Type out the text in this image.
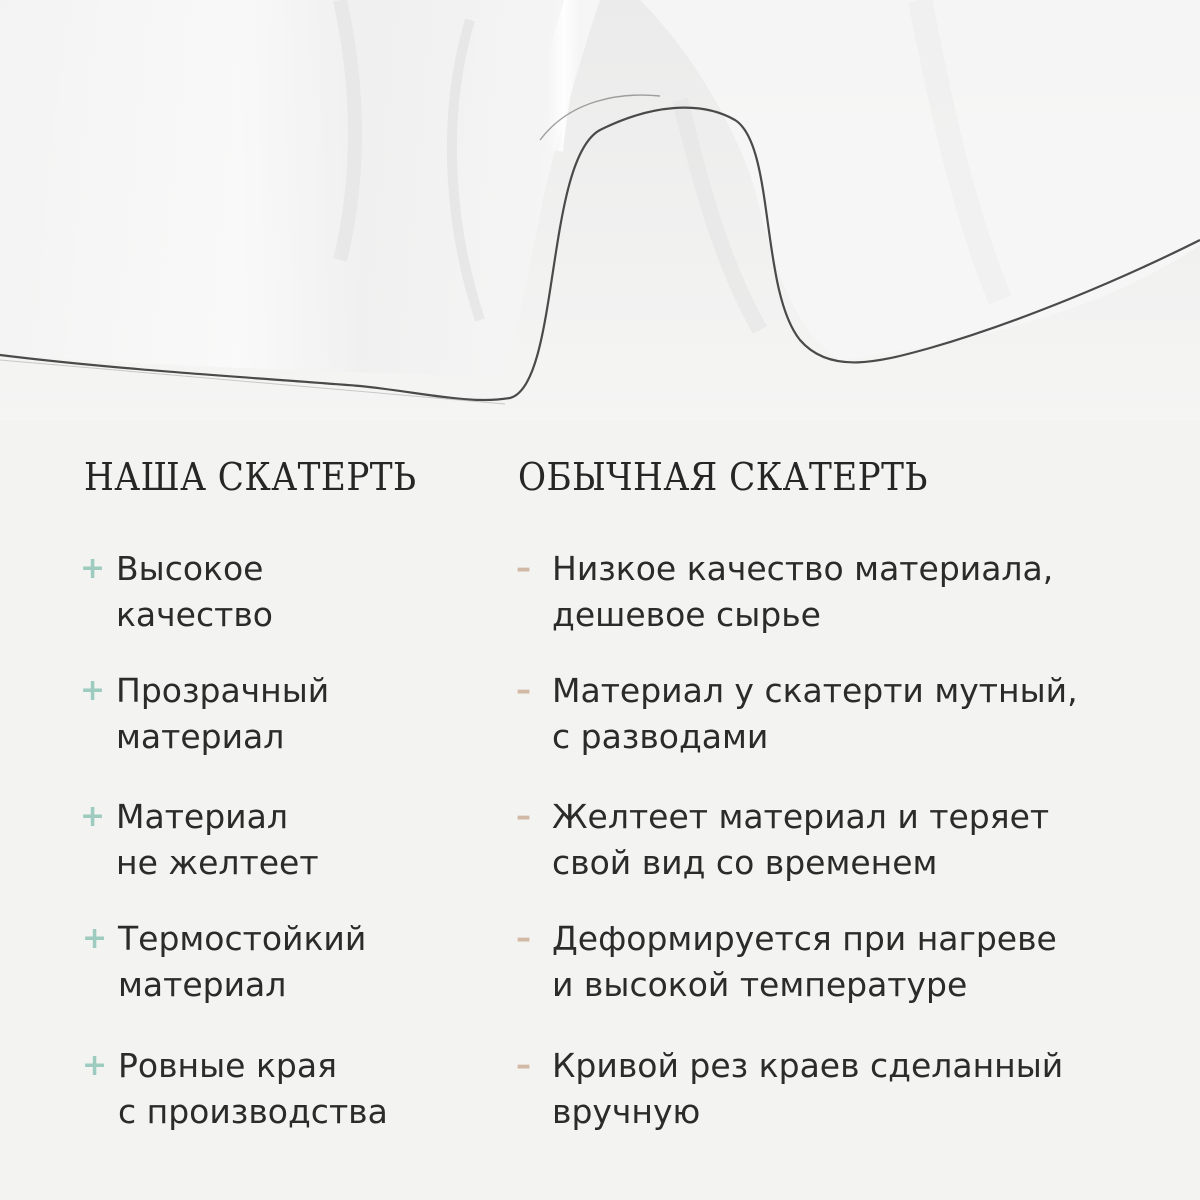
НАША СКАТЕРТЬ	ОБЫЧНАЯ СКАТЕРТЬ
+ Высокое
качество
+ Прозрачный
материал
+ Материал
не желтеет
+ Термостойкий
материал
+ Ровные края
с производства
– Низкое качество материала,
дешевое сырье
– Материал у скатерти мутный,
с разводами
– Желтеет материал и теряет
свой вид со временем
– Деформируется при нагреве
и высокой температуре
– Кривой рез краев сделанный
вручную
